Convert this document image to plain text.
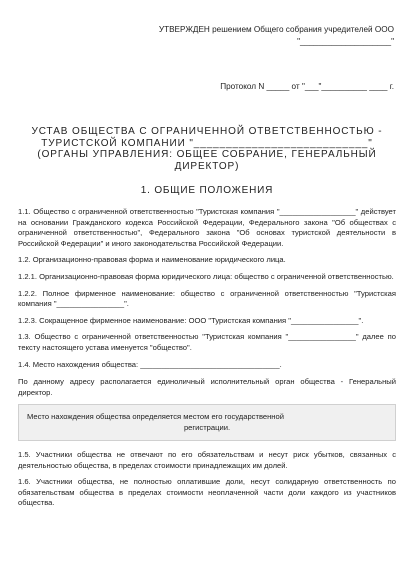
УТВЕРЖДЕН решением Общего собрания учредителей ООО
"____________________"
Протокол N _____ от "___"__________ ____ г.
УСТАВ ОБЩЕСТВА С ОГРАНИЧЕННОЙ ОТВЕТСТВЕННОСТЬЮ -
ТУРИСТСКОЙ КОМПАНИИ "___________________________"
(ОРГАНЫ УПРАВЛЕНИЯ: ОБЩЕЕ СОБРАНИЕ, ГЕНЕРАЛЬНЫЙ
ДИРЕКТОР)
1. ОБЩИЕ ПОЛОЖЕНИЯ

1.1. Общество с ограниченной ответственностью "Туристская компания "__________________" действует на основании Гражданского кодекса Российской Федерации, Федерального закона "Об обществах с ограниченной ответственностью", Федерального закона "Об основах туристской деятельности в Российской Федерации" и иного законодательства Российской Федерации.

1.2. Организационно-правовая форма и наименование юридического лица.

1.2.1. Организационно-правовая форма юридического лица: общество с ограниченной ответственностью.

1.2.2. Полное фирменное наименование: общество с ограниченной ответственностью "Туристская компания "________________".

1.2.3. Сокращенное фирменное наименование: ООО "Туристская компания "________________".

1.3. Общество с ограниченной ответственностью "Туристская компания "________________" далее по тексту настоящего устава именуется "общество".

1.4. Место нахождения общества: _________________________________.

По данному адресу располагается единоличный исполнительный орган общества - Генеральный директор.

Место нахождения общества определяется местом его государственной
регистрации.

1.5. Участники общества не отвечают по его обязательствам и несут риск убытков, связанных с деятельностью общества, в пределах стоимости принадлежащих им долей.

1.6. Участники общества, не полностью оплатившие доли, несут солидарную ответственность по обязательствам общества в пределах стоимости неоплаченной части доли каждого из участников общества.
